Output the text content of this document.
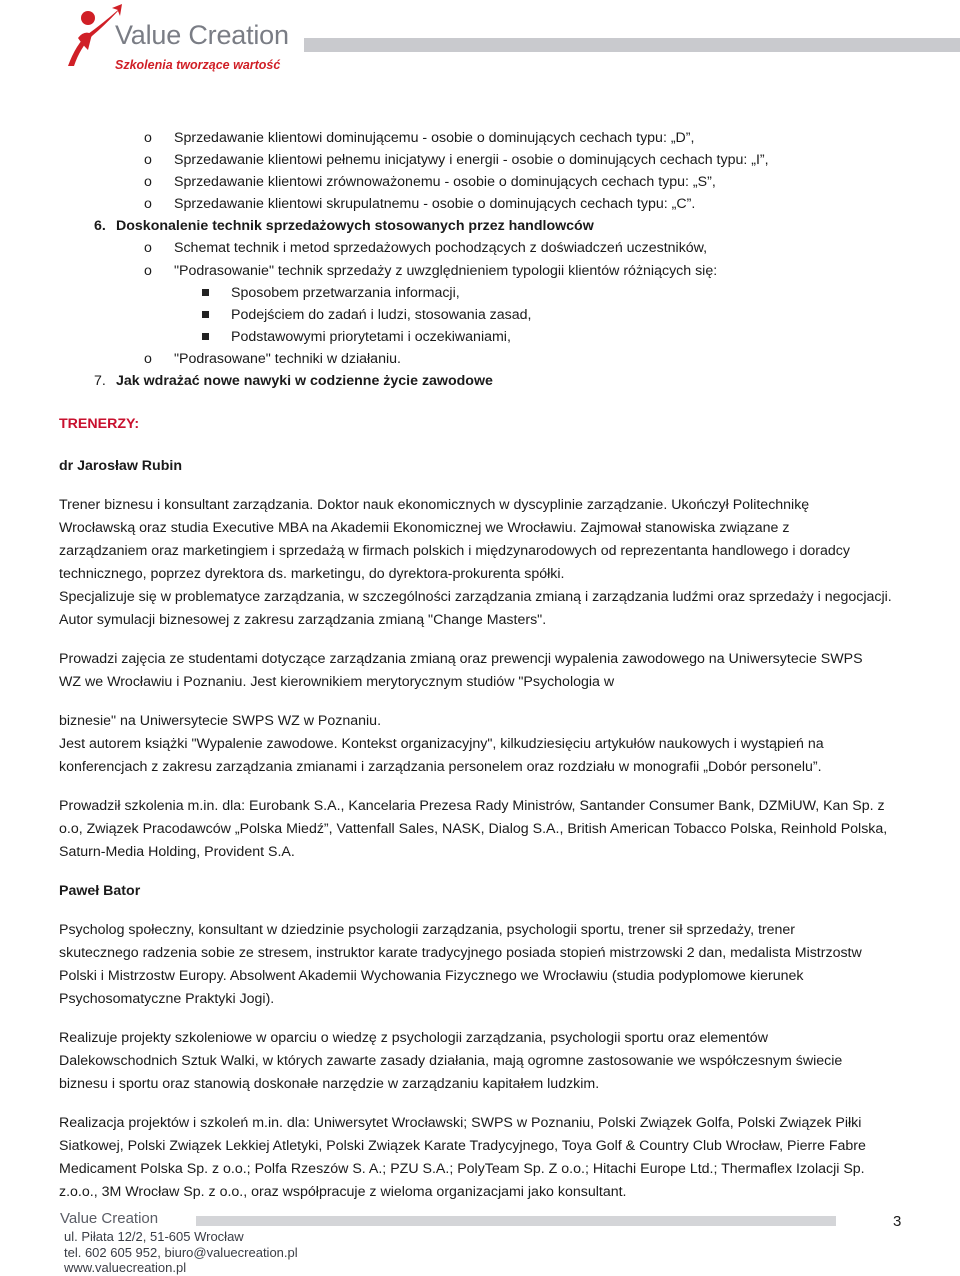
Value Creation
Szkolenia tworzące wartość
o Sprzedawanie klientowi dominującemu - osobie o dominujących cechach typu: „D”,
o Sprzedawanie klientowi pełnemu inicjatywy i energii - osobie o dominujących cechach typu: „I”,
o Sprzedawanie klientowi zrównoważonemu - osobie o dominujących cechach typu: „S”,
o Sprzedawanie klientowi skrupulatnemu - osobie o dominujących cechach typu: „C”.
6. Doskonalenie technik sprzedażowych stosowanych przez handlowców
o Schemat technik i metod sprzedażowych pochodzących z doświadczeń uczestników,
o "Podrasowanie" technik sprzedaży z uwzględnieniem typologii klientów różniących się:
Sposobem przetwarzania informacji,
Podejściem do zadań i ludzi, stosowania zasad,
Podstawowymi priorytetami i oczekiwaniami,
o "Podrasowane" techniki w działaniu.
7. Jak wdrażać nowe nawyki w codzienne życie zawodowe
TRENERZY:
dr Jarosław Rubin
Trener biznesu i konsultant zarządzania. Doktor nauk ekonomicznych w dyscyplinie zarządzanie. Ukończył Politechnikę
Wrocławską oraz studia Executive MBA na Akademii Ekonomicznej we Wrocławiu. Zajmował stanowiska związane z
zarządzaniem oraz marketingiem i sprzedażą w firmach polskich i międzynarodowych od reprezentanta handlowego i doradcy
technicznego, poprzez dyrektora ds. marketingu, do dyrektora-prokurenta spółki.
Specjalizuje się w problematyce zarządzania, w szczególności zarządzania zmianą i zarządzania ludźmi oraz sprzedaży i negocjacji.
Autor symulacji biznesowej z zakresu zarządzania zmianą "Change Masters".
Prowadzi zajęcia ze studentami dotyczące zarządzania zmianą oraz prewencji wypalenia zawodowego na Uniwersytecie SWPS
WZ we Wrocławiu i Poznaniu. Jest kierownikiem merytorycznym studiów "Psychologia w
biznesie" na Uniwersytecie SWPS WZ w Poznaniu.
Jest autorem książki "Wypalenie zawodowe. Kontekst organizacyjny", kilkudziesięciu artykułów naukowych i wystąpień na
konferencjach z zakresu zarządzania zmianami i zarządzania personelem oraz rozdziału w monografii „Dobór personelu”.
Prowadził szkolenia m.in. dla: Eurobank S.A., Kancelaria Prezesa Rady Ministrów, Santander Consumer Bank, DZMiUW, Kan Sp. z
o.o, Związek Pracodawców „Polska Miedź”, Vattenfall Sales, NASK, Dialog S.A., British American Tobacco Polska, Reinhold Polska,
Saturn-Media Holding, Provident S.A.
Paweł Bator
Psycholog społeczny, konsultant w dziedzinie psychologii zarządzania, psychologii sportu, trener sił sprzedaży, trener
skutecznego radzenia sobie ze stresem, instruktor karate tradycyjnego posiada stopień mistrzowski 2 dan, medalista Mistrzostw
Polski i Mistrzostw Europy. Absolwent Akademii Wychowania Fizycznego we Wrocławiu (studia podyplomowe kierunek
Psychosomatyczne Praktyki Jogi).
Realizuje projekty szkoleniowe w oparciu o wiedzę z psychologii zarządzania, psychologii sportu oraz elementów
Dalekowschodnich Sztuk Walki, w których zawarte zasady działania, mają ogromne zastosowanie we współczesnym świecie
biznesu i sportu oraz stanowią doskonałe narzędzie w zarządzaniu kapitałem ludzkim.
Realizacja projektów i szkoleń m.in. dla: Uniwersytet Wrocławski; SWPS w Poznaniu, Polski Związek Golfa, Polski Związek Piłki
Siatkowej, Polski Związek Lekkiej Atletyki, Polski Związek Karate Tradycyjnego, Toya Golf & Country Club Wrocław, Pierre Fabre
Medicament Polska Sp. z o.o.; Polfa Rzeszów S. A.; PZU S.A.; PolyTeam Sp. Z o.o.; Hitachi Europe Ltd.; Thermaflex Izolacji Sp.
z.o.o., 3M Wrocław Sp. z o.o., oraz współpracuje z wieloma organizacjami jako konsultant.
Value Creation	3
ul. Piłata 12/2, 51-605 Wrocław
tel. 602 605 952, biuro@valuecreation.pl
www.valuecreation.pl
